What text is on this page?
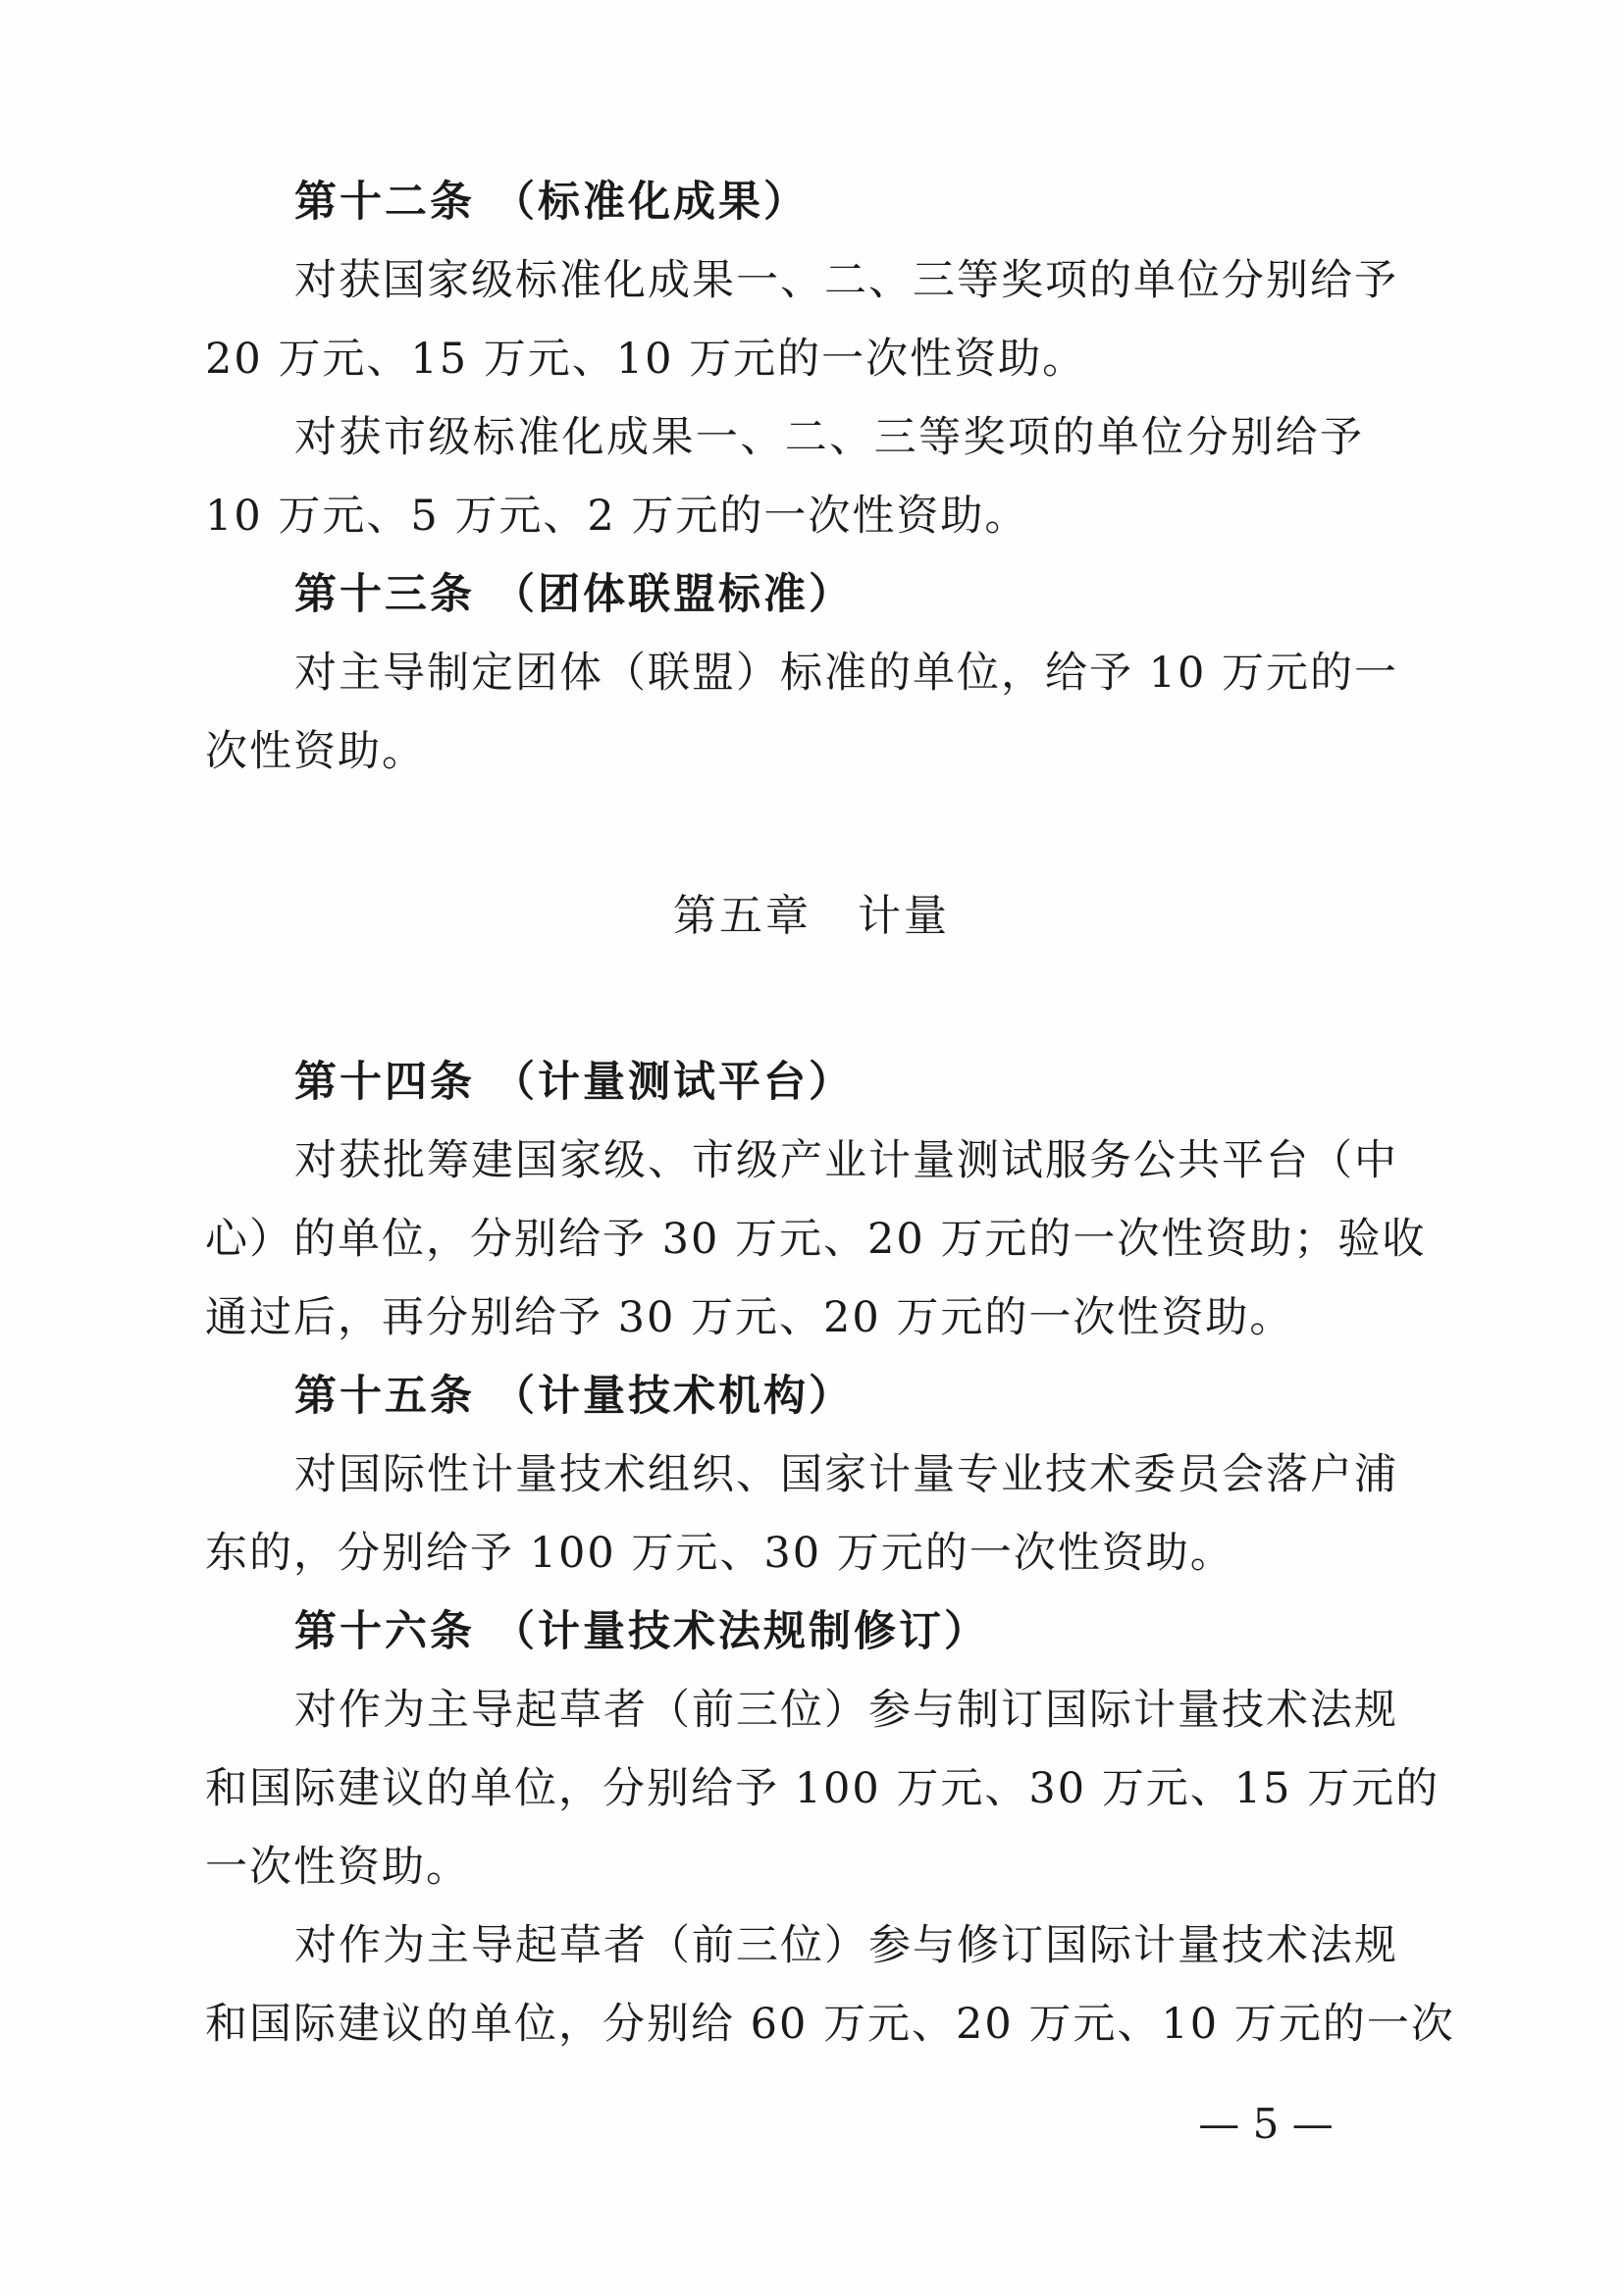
第十二条 （标准化成果）
对获国家级标准化成果一、二、三等奖项的单位分别给予
20 万元、15 万元、10 万元的一次性资助。
对获市级标准化成果一、二、三等奖项的单位分别给予
10 万元、5 万元、2 万元的一次性资助。
第十三条 （团体联盟标准）
对主导制定团体（联盟）标准的单位，给予 10 万元的一
次性资助。
第五章　计量
第十四条 （计量测试平台）
对获批筹建国家级、市级产业计量测试服务公共平台（中
心）的单位，分别给予 30 万元、20 万元的一次性资助；验收
通过后，再分别给予 30 万元、20 万元的一次性资助。
第十五条 （计量技术机构）
对国际性计量技术组织、国家计量专业技术委员会落户浦
东的，分别给予 100 万元、30 万元的一次性资助。
第十六条 （计量技术法规制修订）
对作为主导起草者（前三位）参与制订国际计量技术法规
和国际建议的单位，分别给予 100 万元、30 万元、15 万元的
一次性资助。
对作为主导起草者（前三位）参与修订国际计量技术法规
和国际建议的单位，分别给 60 万元、20 万元、10 万元的一次
— 5 —
